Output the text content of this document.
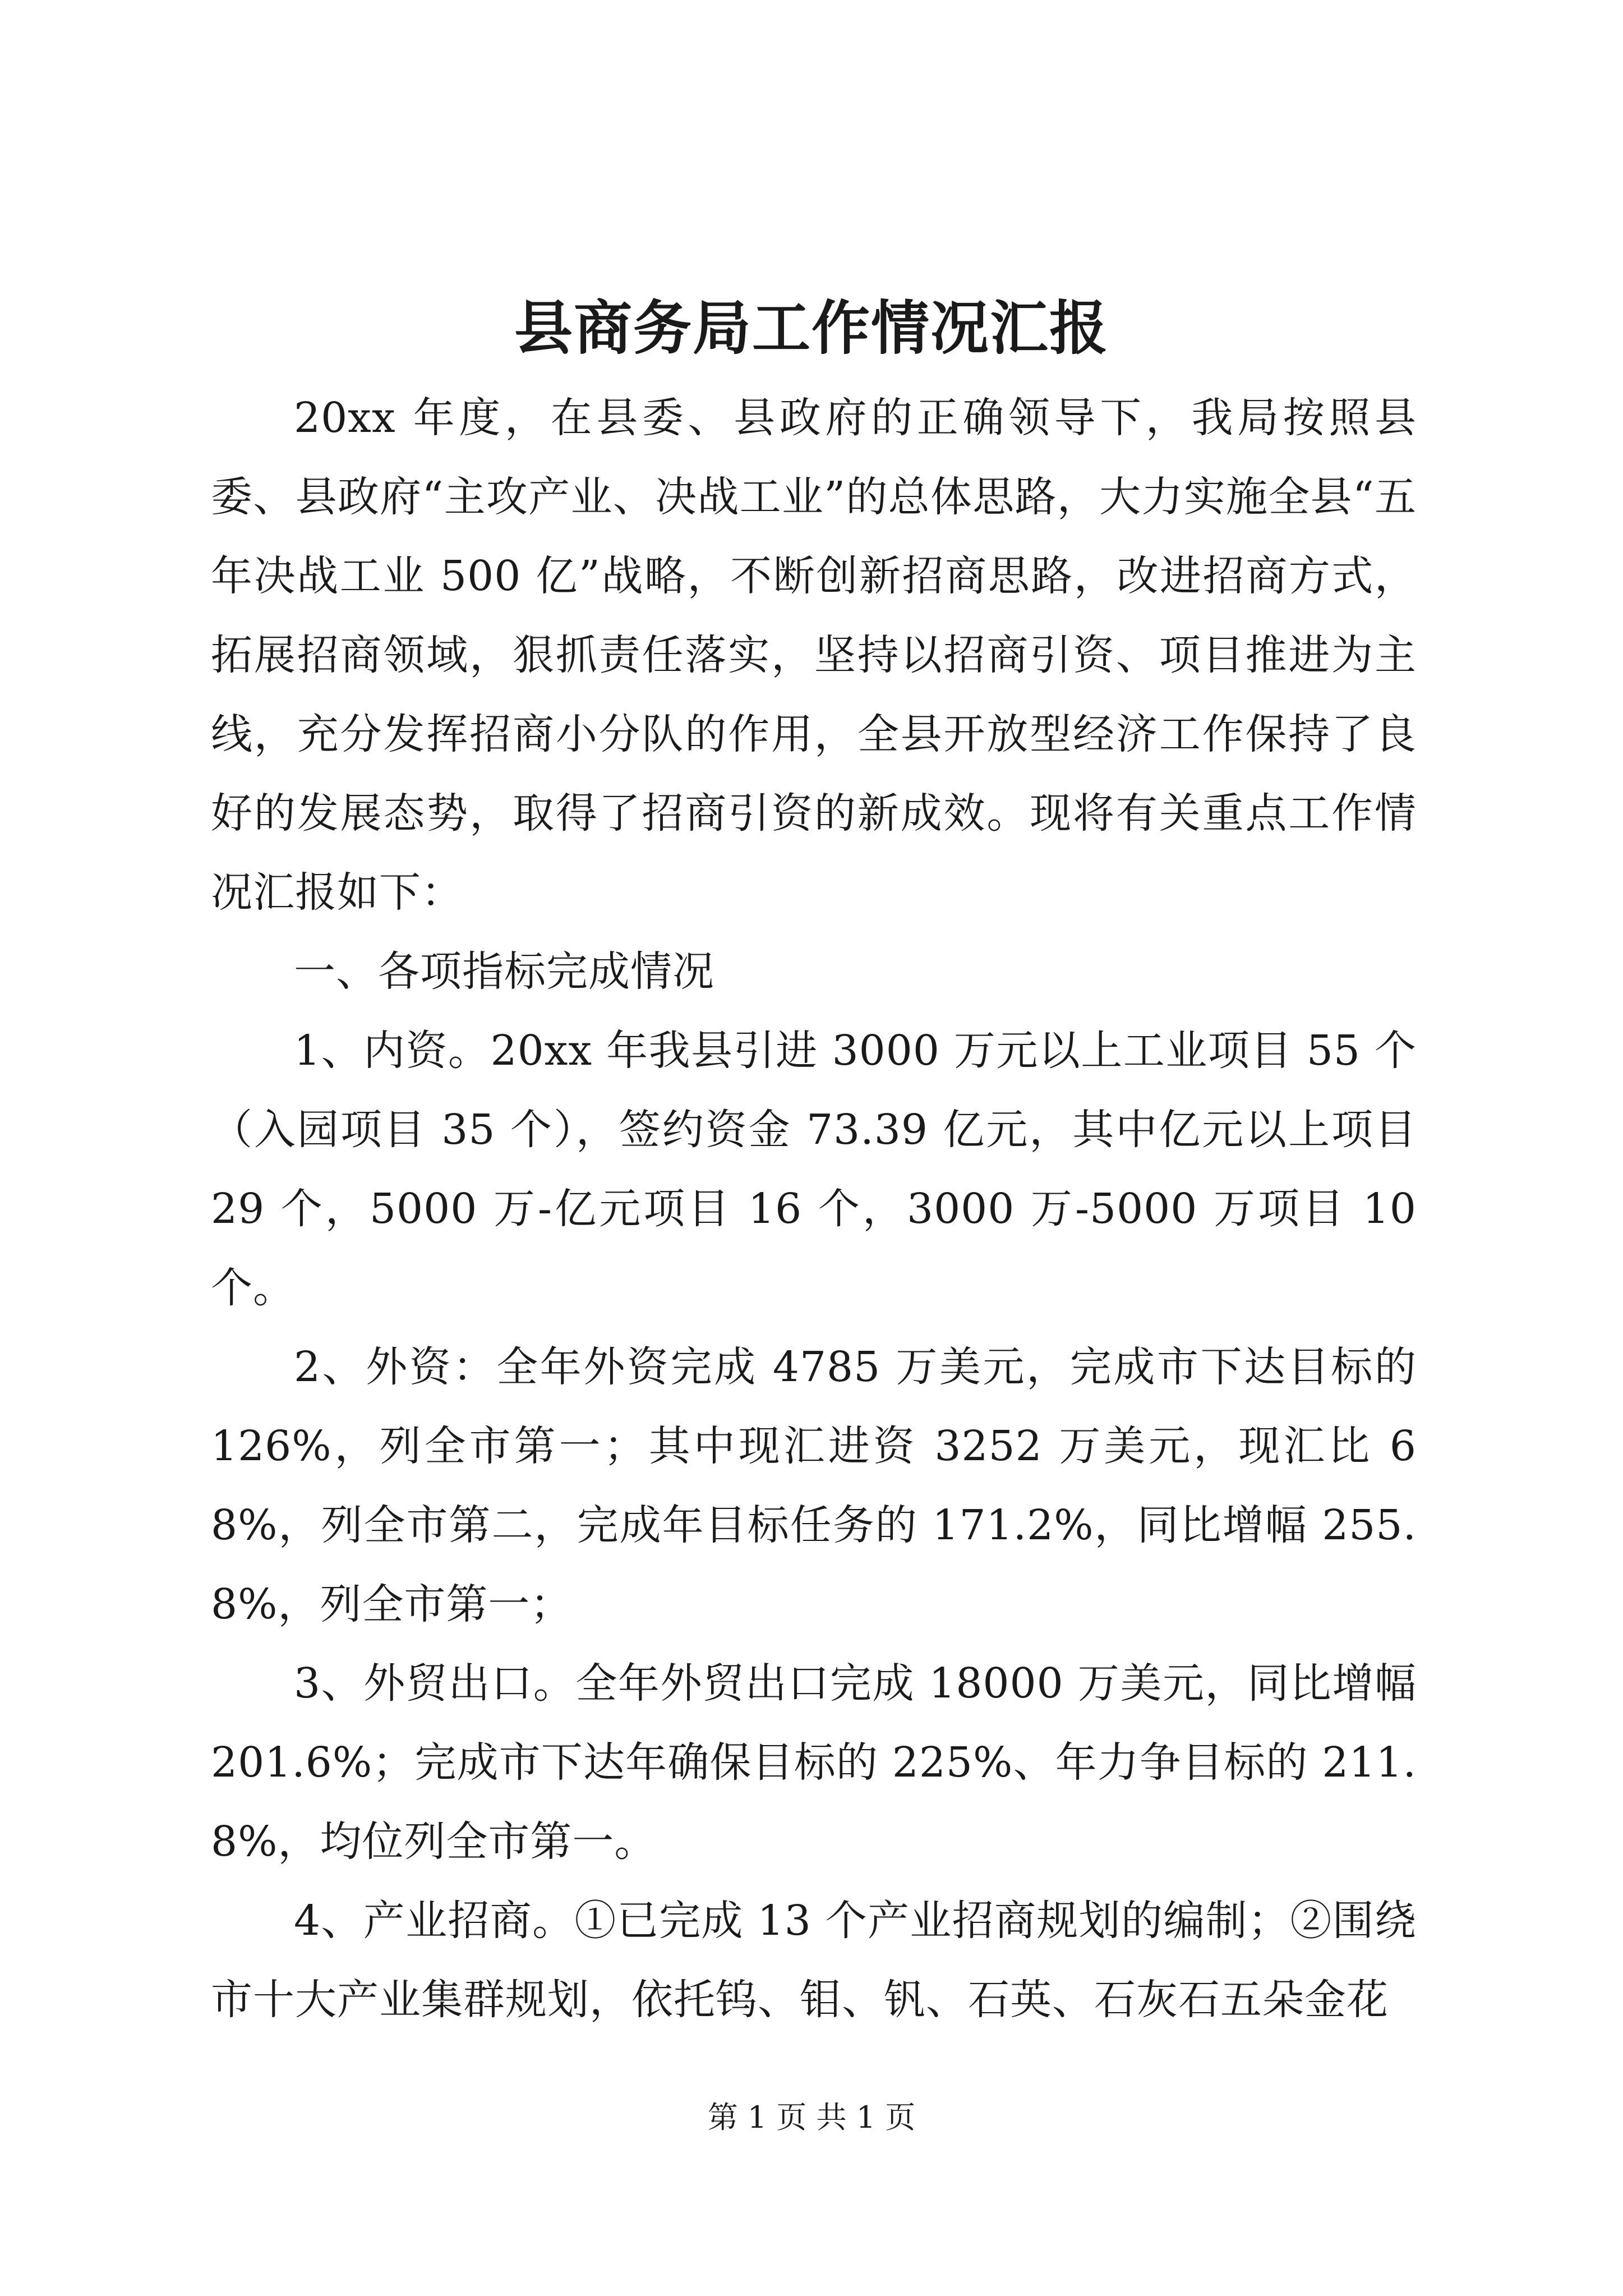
县商务局工作情况汇报

20xx 年度，在县委、县政府的正确领导下，我局按照县委、县政府“主攻产业、决战工业”的总体思路，大力实施全县“五年决战工业 500 亿”战略，不断创新招商思路，改进招商方式，拓展招商领域，狠抓责任落实，坚持以招商引资、项目推进为主线，充分发挥招商小分队的作用，全县开放型经济工作保持了良好的发展态势，取得了招商引资的新成效。现将有关重点工作情况汇报如下：

一、各项指标完成情况

1、内资。20xx 年我县引进 3000 万元以上工业项目 55 个（入园项目 35 个），签约资金 73.39 亿元，其中亿元以上项目 29 个，5000 万-亿元项目 16 个，3000 万-5000 万项目 10 个。

2、外资：全年外资完成 4785 万美元，完成市下达目标的 126%，列全市第一；其中现汇进资 3252 万美元，现汇比 68%，列全市第二，完成年目标任务的 171.2%，同比增幅 255.8%，列全市第一；

3、外贸出口。全年外贸出口完成 18000 万美元，同比增幅 201.6%；完成市下达年确保目标的 225%、年力争目标的 211.8%，均位列全市第一。

4、产业招商。①已完成 13 个产业招商规划的编制；②围绕市十大产业集群规划，依托钨、钼、钒、石英、石灰石五朵金花

第 1 页 共 1 页
